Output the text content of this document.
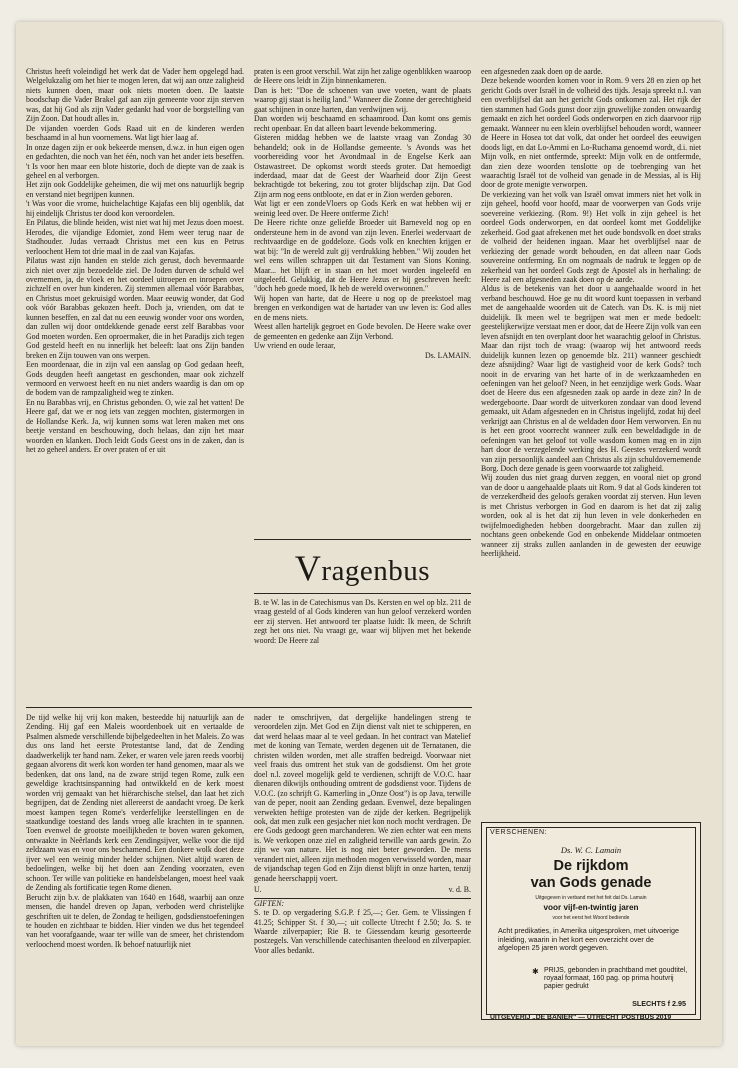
Christus heeft voleindigd het werk dat de Vader hem opgelegd had. Welgelukzalig om het hier te mogen leren, dat wij aan onze zaligheid niets kunnen doen, maar ook niets moeten doen. De laatste boodschap die Vader Brakel gaf aan zijn gemeente voor zijn sterven was, dat hij God als zijn Vader gedankt had voor de borgstelling van Zijn Zoon. Dat houdt alles in.

De vijanden voerden Gods Raad uit en de kinderen werden beschaamd in al hun voornemens. Wat ligt hier laag af.

In onze dagen zijn er ook bekeerde mensen, d.w.z. in hun eigen ogen en gedachten, die noch van het één, noch van het ander iets beseffen. 't Is voor hen maar een blote historie, doch de diepte van de zaak is geheel en al verborgen.

Het zijn ook Goddelijke geheimen, die wij met ons natuurlijk begrip en verstand niet begrijpen kunnen.

't Was voor die vrome, huichelachtige Kajafas een blij ogenblik, dat hij eindelijk Christus ter dood kon veroordelen.

En Pilatus, die blinde heiden, wist niet wat hij met Jezus doen moest. Herodes, die vijandige Edomiet, zond Hem weer terug naar de Stadhouder. Judas verraadt Christus met een kus en Petrus verloochent Hem tot drie maal in de zaal van Kajafas.

Pilatus wast zijn handen en stelde zich gerust, doch bevermaarde zich niet over zijn bezoedelde ziel. De Joden durven de schuld wel overnemen, ja, de vloek en het oordeel uitroepen en inroepen over zichzelf en over hun kinderen. Zij stemmen allemaal vóór Barabbas, en Christus moet gekruisigd worden. Maar eeuwig wonder, dat God ook vóór Barabbas gekozen heeft. Doch ja, vrienden, om dat te kunnen beseffen, en zal dat nu een eeuwig wonder voor ons worden, dan zullen wij door ontdekkende genade eerst zelf Barabbas voor God moeten worden. Een oproermaker, die in het Paradijs zich tegen God gesteld heeft en nu innerlijk het beleeft: laat ons Zijn banden breken en Zijn touwen van ons werpen.

Een moordenaar, die in zijn val een aanslag op God gedaan heeft, Gods deugden heeft aangetast en geschonden, maar ook zichzelf vermoord en verwoest heeft en nu niet anders waardig is dan om op de bodem van de rampzaligheid weg te zinken.

En nu Barabbas vrij, en Christus gebonden. O, wie zal het vatten! De Heere gaf, dat we er nog iets van zeggen mochten, gistermorgen in de Hollandse Kerk. Ja, wij kunnen soms wat leren maken met ons beetje verstand en beschouwing, doch helaas, dan zijn het maar woorden en klanken. Doch leidt Gods Geest ons in de zaken, dan is het zo geheel anders. Er over praten of er uit

praten is een groot verschil. Wat zijn het zalige ogenblikken waaroop de Heere ons leidt in Zijn binnenkameren.

Dan is het: "Doe de schoenen van uwe voeten, want de plaats waarop gij staat is heilig land." Wanneer die Zonne der gerechtigheid gaat schijnen in onze harten, dan verdwijnen wij.

Dan worden wij beschaamd en schaamrood. Dan komt ons gemis recht openbaar. En dat alleen baart levende bekommering.

Gisteren middag hebben we de laatste vraag van Zondag 30 behandeld; ook in de Hollandse gemeente. 's Avonds was het voorbereiding voor het Avondmaal in de Engelse Kerk aan Ostawastreet. De opkomst wordt steeds groter. Dat hemoedigt inderdaad, maar dat de Geest der Waarheid door Zijn Geest bekrachtigde tot bekering, zou tot groter blijdschap zijn. Dat God Zijn arm nog eens ontbloote, en dat er in Zion werden geboren.

Wat ligt er een zondeVloers op Gods Kerk en wat hebben wij er weinig leed over. De Heere ontferme Zich!

De Heere richte onze geliefde Broeder uit Barneveld nog op en ondersteune hem in de avond van zijn leven. Enerlei wedervaart de rechtvaardige en de goddeloze. Gods volk en knechten krijgen er wat bij: "In de wereld zult gij verdrukking hebben." Wij zouden het wel eens willen schrappen uit dat Testament van Sions Koning. Maar... het blijft er in staan en het moet worden ingeleefd en uitgeleefd. Gelukkig, dat de Heere Jezus er bij geschreven heeft: "doch heb goede moed, Ik heb de wereld overwonnen."

Wij hopen van harte, dat de Heere u nog op de preekstoel mag brengen en verkondigen wat de hartader van uw leven is: God alles en de mens niets.

Weest allen hartelijk gegroet en Gode bevolen. De Heere wake over de gemeenten en gedenke aan Zijn Verbond.

Uw vriend en oude leraar,

Ds. LAMAIN.

Vragenbus

B. te W. las in de Catechismus van Ds. Kersten en wel op blz. 211 de vraag gesteld of al Gods kinderen van hun geloof verzekerd worden eer zij sterven. Het antwoord ter plaatse luidt: Ik meen, de Schrift zegt het ons niet. Nu vraagt ge, waar wij blijven met het bekende woord: De Heere zal

een afgesneden zaak doen op de aarde.

Deze bekende woorden komen voor in Rom. 9 vers 28 en zien op het gericht Gods over Israël in de volheid des tijds. Jesaja spreekt n.l. van een overblijfsel dat aan het gericht Gods ontkomen zal. Het rijk der tien stammen had Gods gunst door zijn gruwelijke zonden onwaardig gemaakt en zich het oordeel Gods onderworpen en zich daarvoor rijp gemaakt. Wanneer nu een klein overblijfsel behouden wordt, wanneer de Heere in Hosea tot dat volk, dat onder het oordeel des eeuwigen doods ligt, en dat Lo-Ammi en Lo-Ruchama genoemd wordt, d.i. niet Mijn volk, en niet ontfermde, spreekt: Mijn volk en de ontfermde, dan zien deze woorden tenslotte op de toebrenging van het waarachtig Israël tot de volheid van genade in de Messias, al is Hij door de grote menigte verworpen.

De verkiezing van het volk van Israël omvat immers niet het volk in zijn geheel, hoofd voor hoofd, maar de voorwerpen van Gods vrije soevereine verkiezing. (Rom. 9!) Het volk in zijn geheel is het oordeel Gods onderworpen, en dat oordeel komt met Goddelijke zekerheid. God gaat afrekenen met het oude bondsvolk en doet straks de volheid der heidenen ingaan. Maar het overblijfsel naar de verkiezing der genade wordt behouden, en dat alleen naar Gods souvereine ontferming. En om nogmaals de nadruk te leggen op de zekerheid van het oordeel Gods zegt de Apostel als in herhaling: de Heere zal een afgesneden zaak doen op de aarde.

Aldus is de betekenis van het door u aangehaalde woord in het verband beschouwd. Hoe ge nu dit woord kunt toepassen in verband met de aangehaalde woorden uit de Catech. van Ds. K. is mij niet duidelijk. Ik meen wel te begrijpen wat men er mede bedoelt: geestelijkerwijze verstaat men er door, dat de Heere Zijn volk van een leven afsnijdt en ten overplant door het waarachtig geloof in Christus. Maar dan rijst toch de vraag: (waarop wij het antwoord reeds duidelijk kunnen lezen op genoemde blz. 211) wanneer geschiedt deze afsnijding? Waar ligt de vastigheid voor de kerk Gods? toch nooit in de ervaring van het harte of in de werkzaamheden en oefeningen van het geloof? Neen, in het eenzijdige werk Gods. Waar doet de Heere dus een afgesneden zaak op aarde in deze zin? In de wedergeboorte. Daar wordt de uitverkoren zondaar van dood levend gemaakt, uit Adam afgesneden en in Christus ingelijfd, zodat hij deel verkrijgt aan Christus en al de weldaden door Hem verworven. En nu is het een groot voorrecht wanneer zulk een beweldadigde in de oefeningen van het geloof tot volle wasdom komen mag en in zijn hart door de verzegelende werking des H. Geestes verzekerd wordt van zijn persoonlijk aandeel aan Christus als zijn schuldovernemende Borg. Doch deze genade is geen voorwaarde tot zaligheid.

Wij zouden dus niet graag durven zeggen, en vooral niet op grond van de door u aangehaalde plaats uit Rom. 9 dat al Gods kinderen tot de verzekerdheid des geloofs geraken voordat zij sterven. Hun leven is met Christus verborgen in God en daarom is het dat zij zalig worden, ook al is het dat zij hun leven in vele donkerheden en twijfelmoedigheden hebben doorgebracht. Maar dan zullen zij nochtans geen onbekende God en onbekende Middelaar ontmoeten wanneer zij straks zullen aanlanden in de gewesten der eeuwige heerlijkheid.

De tijd welke hij vrij kon maken, besteedde hij natuurlijk aan de Zending. Hij gaf een Maleis woordenboek uit en vertaalde de Psalmen alsmede verschillende bijbelgedeelten in het Maleis. Zo was dus ons land het eerste Protestantse land, dat de Zending daadwerkelijk ter hand nam. Zeker, er waren vele jaren reeds voorbij gegaan alvorens dit werk kon worden ter hand genomen, maar als we bedenken, dat ons land, na de zware strijd tegen Rome, zulk een geweldige krachtsinspanning had ontwikkeld en de kerk moest worden vrij gemaakt van het hiërarchische stelsel, dan laat het zich begrijpen, dat de Zending niet allereerst de aandacht vroeg. De kerk moest kampen tegen Rome's verderfelijke leerstellingen en de staatkundige toestand des lands vroeg alle krachten in te spannen. Toen evenwel de grootste moeilijkheden te boven waren gekomen, ontwaakte in Neêrlands kerk een Zendingsijver, welke voor die tijd zeldzaam was en voor ons beschamend. Een donkere wolk doet deze ijver wel een weinig minder helder schijnen. Niet altijd waren de bedoelingen, welke bij het doen aan Zending voorzaten, even schoon. Ter wille van politieke en handelsbelangen, moest heel vaak de Zending als fortificatie tegen Rome dienen.

Berucht zijn b.v. de plakkaten van 1640 en 1648, waarbij aan onze mensen, die handel dreven op Japan, verboden werd christelijke geschriften uit te delen, de Zondag te heiligen, godsdienstoefeningen te houden en zichtbaar te bidden. Hier vinden we dus het tegendeel van het voorafgaande, waar ter wille van de smeer, het christendom verloochend moest worden. Ik behoef natuurlijk niet

nader te omschrijven, dat dergelijke handelingen streng te veroordelen zijn. Met God en Zijn dienst valt niet te schipperen, en dat werd helaas maar al te veel gedaan. In het contract van Matelief met de koning van Ternate, werden degenen uit de Ternatanen, die christen wilden worden, met alle straffen bedreigd. Voorwaar niet veel fraais dus omtrent het stuk van de godsdienst. Om het grote doel n.l. zoveel mogelijk geld te verdienen, schrijft de V.O.C. haar dienaren dikwijls onthouding omtrent de godsdienst voor. Tijdens de V.O.C. (zo schrijft G. Kamerling in „Onze Oost") is op Java, terwille van de peper, nooit aan Zending gedaan. Evenwel, deze bepalingen verwekten heftige protesten van de zijde der kerken. Begrijpelijk ook, dat men zulk een gesjacher niet kon noch mocht verdragen. De ere Gods gedoogt geen marchanderen. We zien echter wat een mens is. We verkopen onze ziel en zaligheid terwille van aards gewin. Zo zijn we van nature. Het is nog niet beter geworden. De mens verandert niet, alleen zijn methoden mogen verwisseld worden, maar de vijandschap tegen God en Zijn dienst blijft in onze harten, tenzij genade heerschappij voert.

U.	v. d. B.

GIFTEN:

S. te D. op vergadering S.G.P. f 25,—; Ger. Gem. te Vlissingen f 41.25; Schipper St. f 30,—; uit collecte Utrecht f 2.50; Jo. S. te Waarde zilverpapier; Rie B. te Giessendam keurig gesorteerde postzegels. Van verschillende catechisanten theelood en zilverpapier. Voor alles bedankt.

VERSCHENEN:
Ds. W. C. Lamain
De rijkdom
van Gods genade
Uitgegeven in verband met het feit dat Ds. Lamain
voor vijf-en-twintig jaren
voor het eerst het Woord bediende
Acht predikaties, in Amerika uitgesproken, met uitvoerige inleiding, waarin in het kort een overzicht over de afgelopen 25 jaren wordt gegeven.
✱ PRIJS, gebonden in prachtband met goudtitel, royaal formaat, 160 pag. op prima houtvrij papier gedrukt
SLECHTS f 2.95
UITGEVERIJ „DE BANIER" — UTRECHT POSTBUS 2019
